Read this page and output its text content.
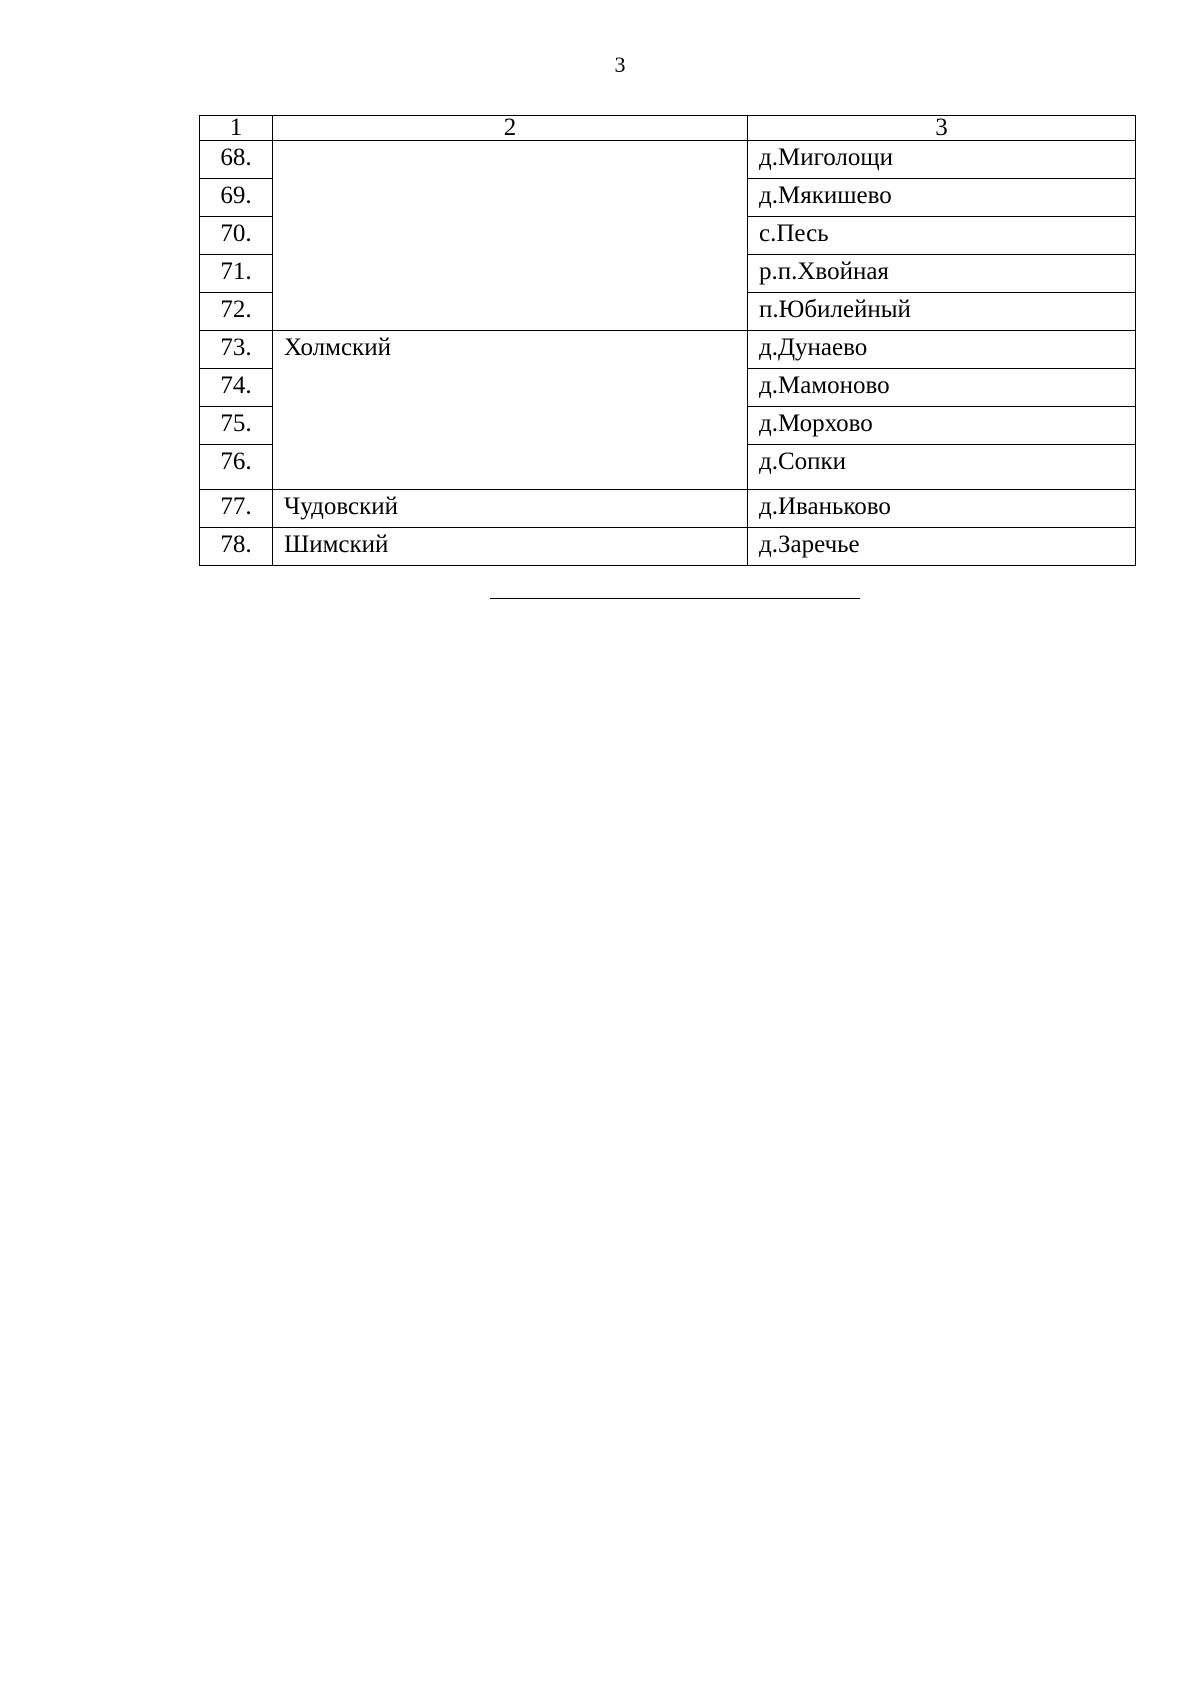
3
1	2	3
68.		д.Миголощи
69.		д.Мякишево
70.		с.Песь
71.		р.п.Хвойная
72.		п.Юбилейный
73.	Холмский	д.Дунаево
74.		д.Мамоново
75.		д.Морхово
76.		д.Сопки
77.	Чудовский	д.Иваньково
78.	Шимский	д.Заречье
